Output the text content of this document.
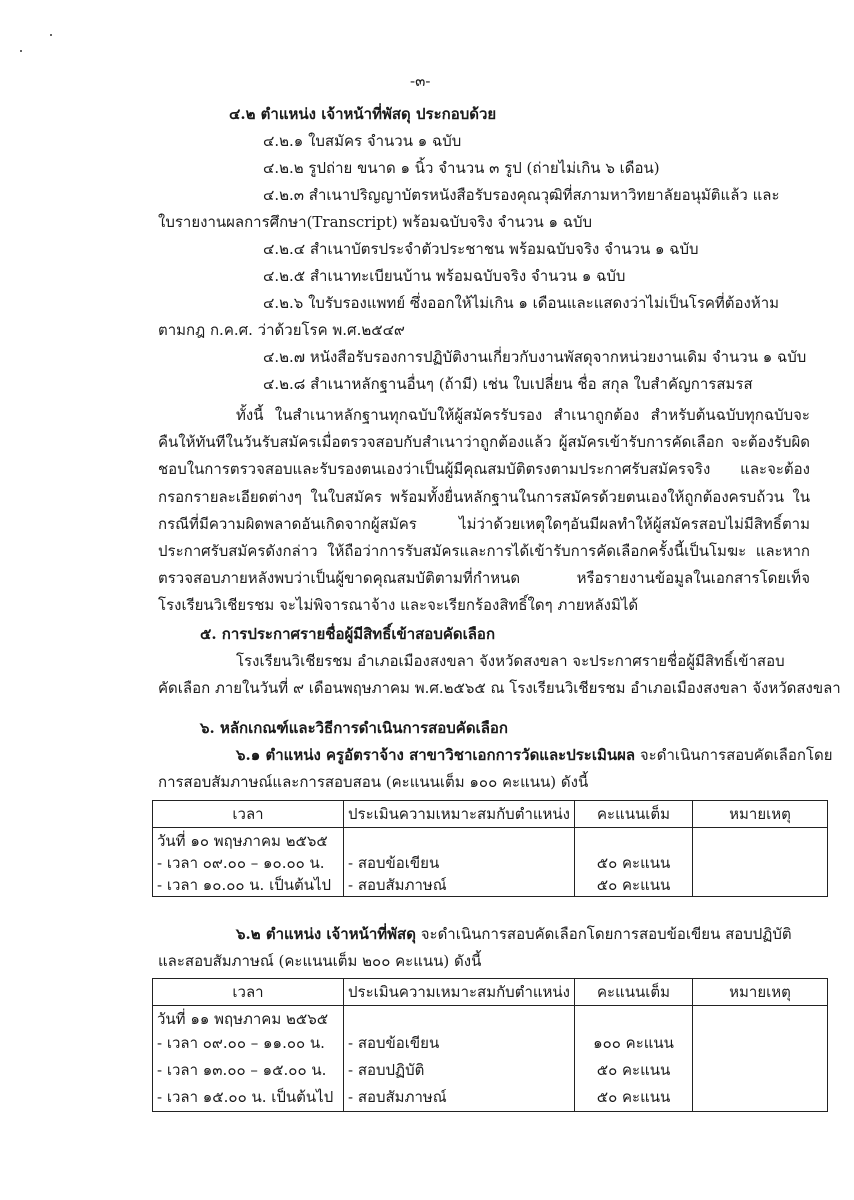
-๓-
๔.๒ ตำแหน่ง เจ้าหน้าที่พัสดุ ประกอบด้วย
๔.๒.๑ ใบสมัคร จำนวน ๑ ฉบับ
๔.๒.๒ รูปถ่าย ขนาด ๑ นิ้ว จำนวน ๓ รูป (ถ่ายไม่เกิน ๖ เดือน)
๔.๒.๓ สำเนาปริญญาบัตรหนังสือรับรองคุณวุฒิที่สภามหาวิทยาลัยอนุมัติแล้ว และ
ใบรายงานผลการศึกษา(Transcript) พร้อมฉบับจริง จำนวน ๑ ฉบับ
๔.๒.๔ สำเนาบัตรประจำตัวประชาชน พร้อมฉบับจริง จำนวน ๑ ฉบับ
๔.๒.๕ สำเนาทะเบียนบ้าน พร้อมฉบับจริง จำนวน ๑ ฉบับ
๔.๒.๖ ใบรับรองแพทย์ ซึ่งออกให้ไม่เกิน ๑ เดือนและแสดงว่าไม่เป็นโรคที่ต้องห้าม
ตามกฎ ก.ค.ศ. ว่าด้วยโรค พ.ศ.๒๕๔๙
๔.๒.๗ หนังสือรับรองการปฏิบัติงานเกี่ยวกับงานพัสดุจากหน่วยงานเดิม จำนวน ๑ ฉบับ
๔.๒.๘ สำเนาหลักฐานอื่นๆ (ถ้ามี) เช่น ใบเปลี่ยน ชื่อ สกุล ใบสำคัญการสมรส
ทั้งนี้ ในสำเนาหลักฐานทุกฉบับให้ผู้สมัครรับรอง สำเนาถูกต้อง สำหรับต้นฉบับทุกฉบับจะคืนให้ทันทีในวันรับสมัครเมื่อตรวจสอบกับสำเนาว่าถูกต้องแล้ว ผู้สมัครเข้ารับการคัดเลือก จะต้องรับผิดชอบในการตรวจสอบและรับรองตนเองว่าเป็นผู้มีคุณสมบัติตรงตามประกาศรับสมัครจริง และจะต้องกรอกรายละเอียดต่างๆ ในใบสมัคร พร้อมทั้งยื่นหลักฐานในการสมัครด้วยตนเองให้ถูกต้องครบถ้วน ในกรณีที่มีความผิดพลาดอันเกิดจากผู้สมัคร ไม่ว่าด้วยเหตุใดๆอันมีผลทำให้ผู้สมัครสอบไม่มีสิทธิ์ตามประกาศรับสมัครดังกล่าว ให้ถือว่าการรับสมัครและการได้เข้ารับการคัดเลือกครั้งนี้เป็นโมฆะ และหากตรวจสอบภายหลังพบว่าเป็นผู้ขาดคุณสมบัติตามที่กำหนด หรือรายงานข้อมูลในเอกสารโดยเท็จ โรงเรียนวิเชียรชม จะไม่พิจารณาจ้าง และจะเรียกร้องสิทธิ์ใดๆ ภายหลังมิได้
๕. การประกาศรายชื่อผู้มีสิทธิ์เข้าสอบคัดเลือก
โรงเรียนวิเชียรชม อำเภอเมืองสงขลา จังหวัดสงขลา จะประกาศรายชื่อผู้มีสิทธิ์เข้าสอบ
คัดเลือก ภายในวันที่ ๙ เดือนพฤษภาคม พ.ศ.๒๕๖๕ ณ โรงเรียนวิเชียรชม อำเภอเมืองสงขลา จังหวัดสงขลา
๖. หลักเกณฑ์และวิธีการดำเนินการสอบคัดเลือก
๖.๑ ตำแหน่ง ครูอัตราจ้าง สาขาวิชาเอกการวัดและประเมินผล จะดำเนินการสอบคัดเลือกโดย
การสอบสัมภาษณ์และการสอบสอน (คะแนนเต็ม ๑๐๐ คะแนน) ดังนี้
เวลา	ประเมินความเหมาะสมกับตำแหน่ง	คะแนนเต็ม	หมายเหตุ
วันที่ ๑๐ พฤษภาคม ๒๕๖๕			
- เวลา ๐๙.๐๐ – ๑๐.๐๐ น.	- สอบข้อเขียน	๕๐ คะแนน	
- เวลา ๑๐.๐๐ น. เป็นต้นไป	- สอบสัมภาษณ์	๕๐ คะแนน	
๖.๒ ตำแหน่ง เจ้าหน้าที่พัสดุ จะดำเนินการสอบคัดเลือกโดยการสอบข้อเขียน สอบปฏิบัติ
และสอบสัมภาษณ์ (คะแนนเต็ม ๒๐๐ คะแนน) ดังนี้
เวลา	ประเมินความเหมาะสมกับตำแหน่ง	คะแนนเต็ม	หมายเหตุ
วันที่ ๑๑ พฤษภาคม ๒๕๖๕			
- เวลา ๐๙.๐๐ – ๑๑.๐๐ น.	- สอบข้อเขียน	๑๐๐ คะแนน	
- เวลา ๑๓.๐๐ – ๑๕.๐๐ น.	- สอบปฏิบัติ	๕๐ คะแนน	
- เวลา ๑๕.๐๐ น. เป็นต้นไป	- สอบสัมภาษณ์	๕๐ คะแนน	
